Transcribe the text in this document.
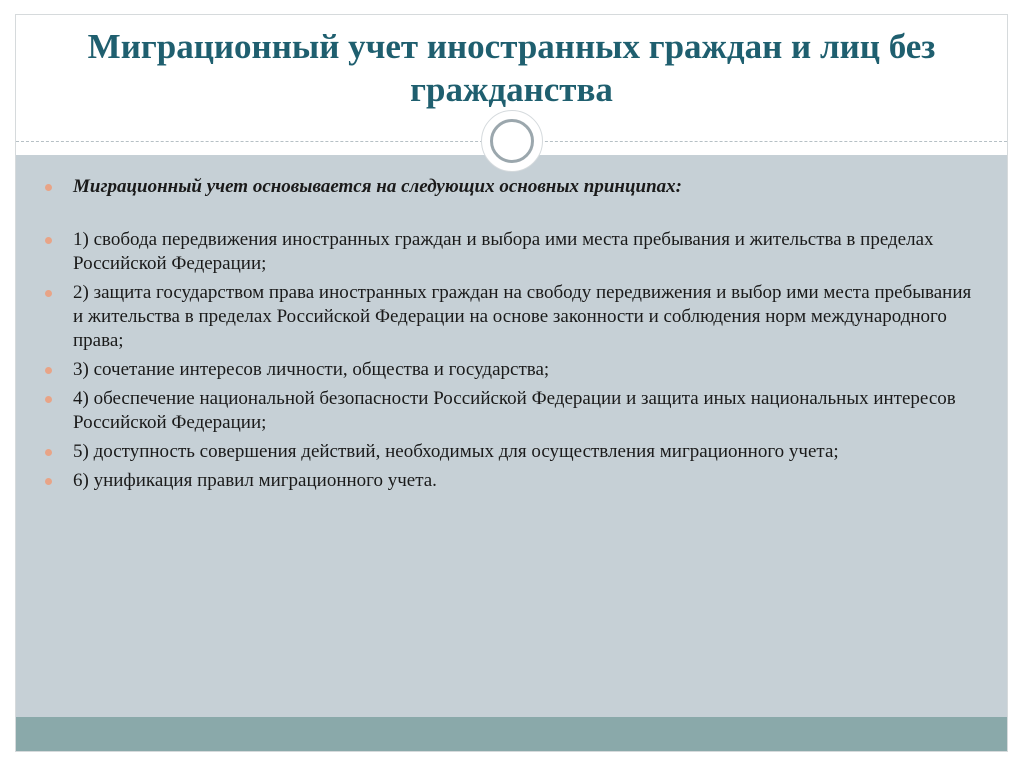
Миграционный учет иностранных граждан и лиц без гражданства
Миграционный учет основывается на следующих основных принципах:
1) свобода передвижения иностранных граждан и выбора ими места пребывания и жительства в пределах Российской Федерации;
2) защита государством права иностранных граждан на свободу передвижения и выбор ими места пребывания и жительства в пределах Российской Федерации на основе законности и соблюдения норм международного права;
3) сочетание интересов личности, общества и государства;
4) обеспечение национальной безопасности Российской Федерации и защита иных национальных интересов Российской Федерации;
5) доступность совершения действий, необходимых для осуществления миграционного учета;
6) унификация правил миграционного учета.
